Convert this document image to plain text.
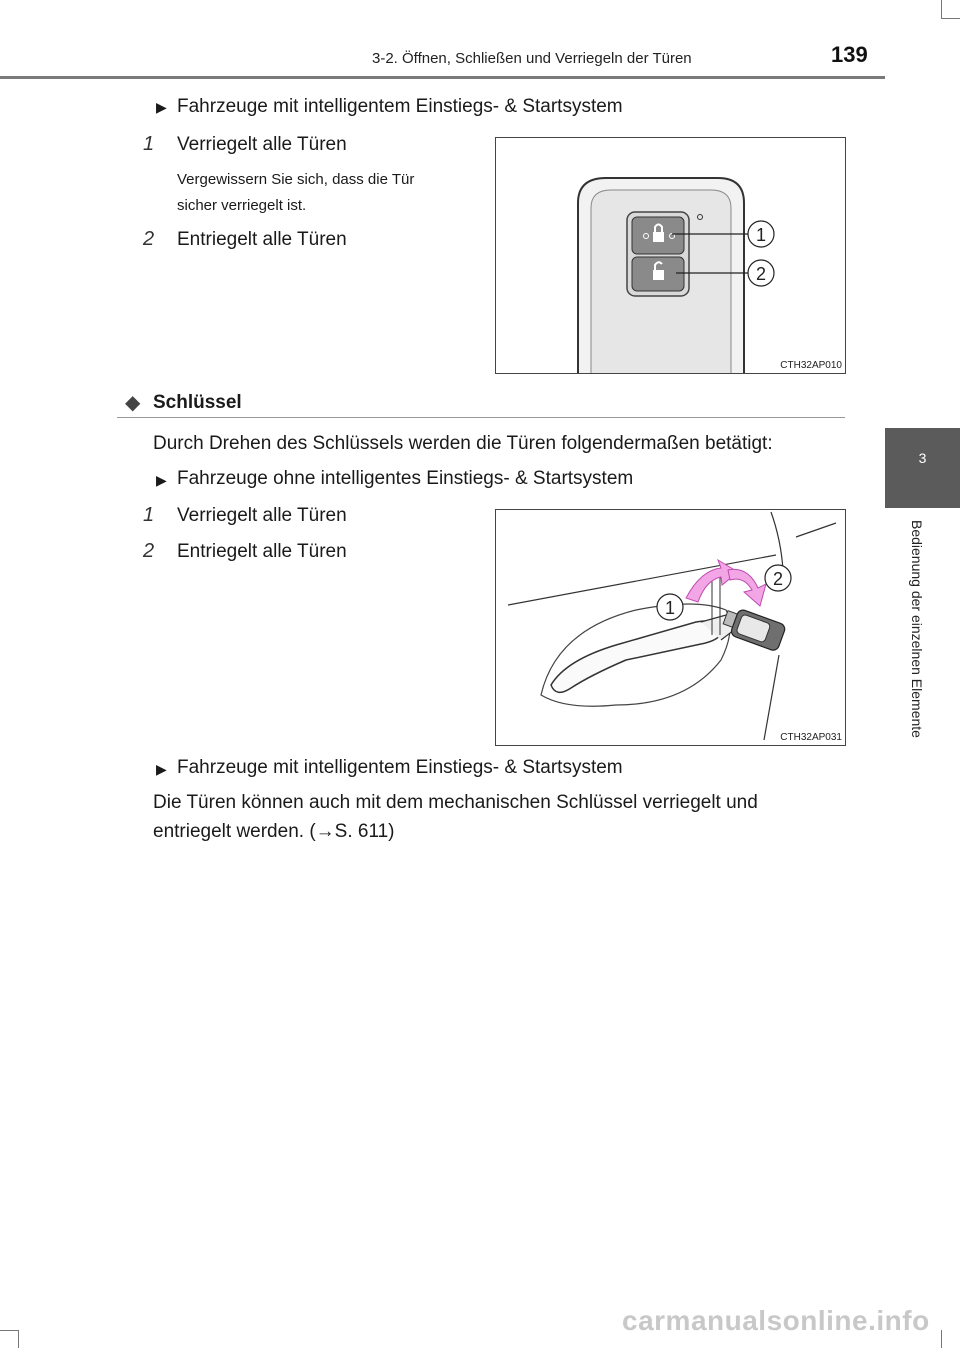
3-2. Öffnen, Schließen und Verriegeln der Türen	139
3
Bedienung der einzelnen Elemente
▶ Fahrzeuge mit intelligentem Einstiegs- & Startsystem
1 Verriegelt alle Türen
Vergewissern Sie sich, dass die Tür
sicher verriegelt ist.
2 Entriegelt alle Türen	1
2
CTH32AP010
◆ Schlüssel
Durch Drehen des Schlüssels werden die Türen folgendermaßen betätigt:
▶ Fahrzeuge ohne intelligentes Einstiegs- & Startsystem
1 Verriegelt alle Türen
2 Entriegelt alle Türen
1
2
CTH32AP031
▶ Fahrzeuge mit intelligentem Einstiegs- & Startsystem
Die Türen können auch mit dem mechanischen Schlüssel verriegelt und
entriegelt werden. (→S. 611)
carmanualsonline.info
